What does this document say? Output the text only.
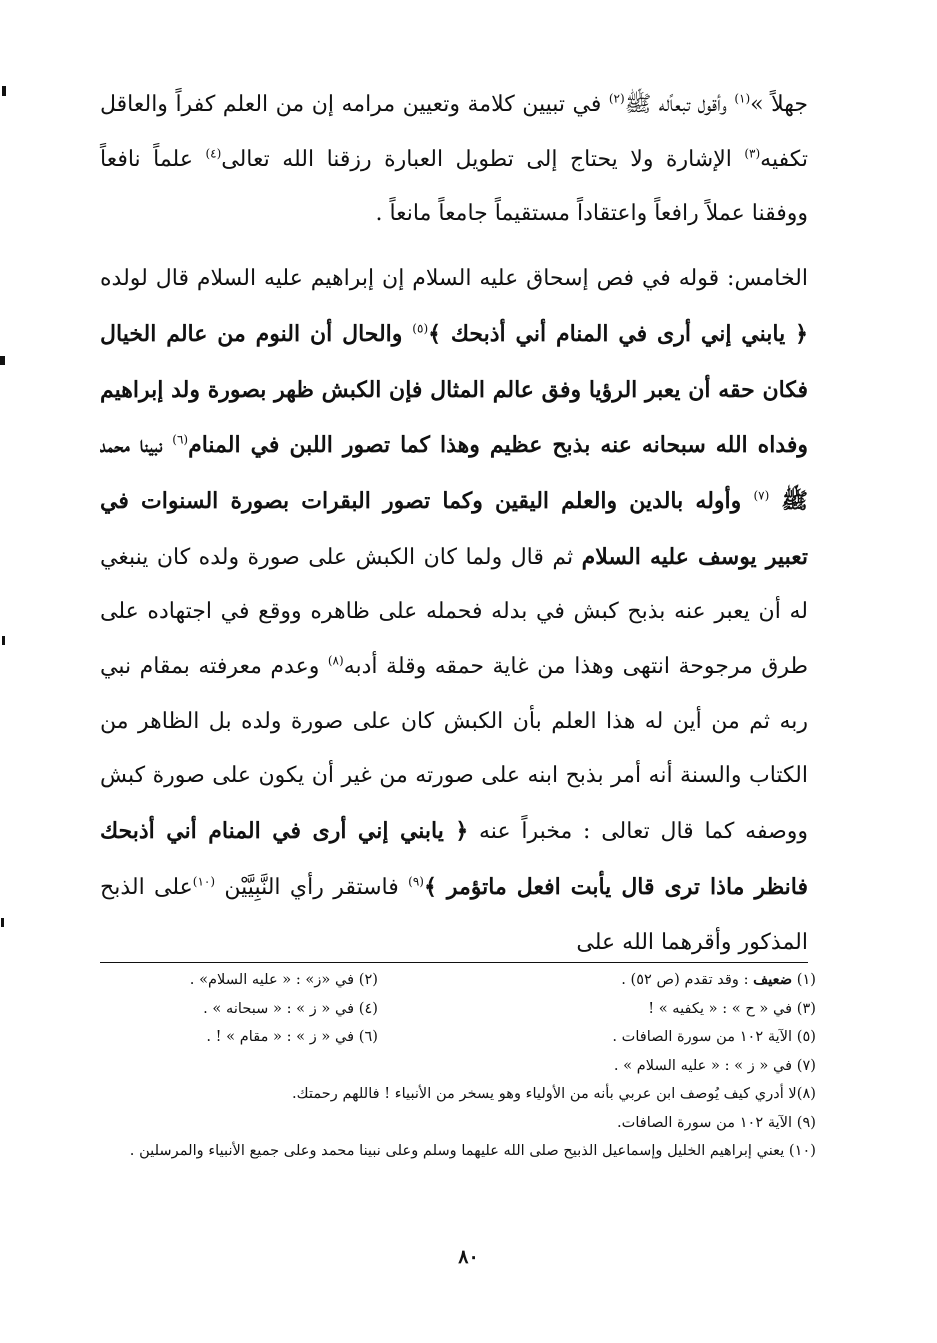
جهلاً »$^{(١)}$ وأقول تبعاًله ﷺ$^{(٢)}$ في تبيين كلامة وتعيين مرامه إن من العلم كفراً والعاقل تكفيه$^{(٣)}$ الإشارة ولا يحتاج إلى تطويل العبارة رزقنا الله تعالى$^{(٤)}$ علماً نافعاً ووفقنا عملاً رافعاً واعتقاداً مستقيماً جامعاً مانعاً .

الخامس: قوله في فص إسحاق عليه السلام إن إبراهيم عليه السلام قال لولده ﴿ يابني إني أرى في المنام أني أذبحك ﴾$^{(٥)}$ والحال أن النوم من عالم الخيال فكان حقه أن يعبر الرؤيا وفق عالم المثال فإن الكبش ظهر بصورة ولد إبراهيم وفداه الله سبحانه عنه بذبح عظيم وهذا كما تصور اللبن في المنام$^{(٦)}$ نبينا محمد ﷺ $^{(٧)}$ وأوله بالدين والعلم اليقين وكما تصور البقرات بصورة السنوات في تعبير يوسف عليه السلام ثم قال ولما كان الكبش على صورة ولده كان ينبغي له أن يعبر عنه بذبح كبش في بدله فحمله على ظاهره ووقع في اجتهاده على طرق مرجوحة انتهى وهذا من غاية حمقه وقلة أدبه$^{(٨)}$ وعدم معرفته بمقام نبي ربه ثم من أين له هذا العلم بأن الكبش كان على صورة ولده بل الظاهر من الكتاب والسنة أنه أمر بذبح ابنه على صورته من غير أن يكون على صورة كبش ووصفه كما قال تعالى : مخبراً عنه ﴿ يابني إني أرى في المنام أني أذبحك فانظر ماذا ترى قال يأبت افعل ماتؤمر ﴾$^{(٩)}$ فاستقر رأي النَّبِيَّيْن $^{(١٠)}$على الذبح المذكور وأقرهما الله على

(١) ضعيف : وقد تقدم (ص ٥٢) .
(٢) في «ز» : « عليه السلام» .
(٣) في « ح » : « يكفيه » !
(٤) في « ز » : « سبحانه » .
(٥) الآية ١٠٢ من سورة الصافات .
(٦) في « ز » : « مقام » ! .
(٧) في « ز » : « عليه السلام » .
(٨)لا أدري كيف يُوصف ابن عربي بأنه من الأولياء وهو يسخر من الأنبياء ! فاللهم رحمتك.
(٩) الآية ١٠٢ من سورة الصافات.
(١٠) يعني إبراهيم الخليل وإسماعيل الذبيح صلى الله عليهما وسلم وعلى نبينا محمد وعلى جميع الأنبياء والمرسلين .
٨٠
